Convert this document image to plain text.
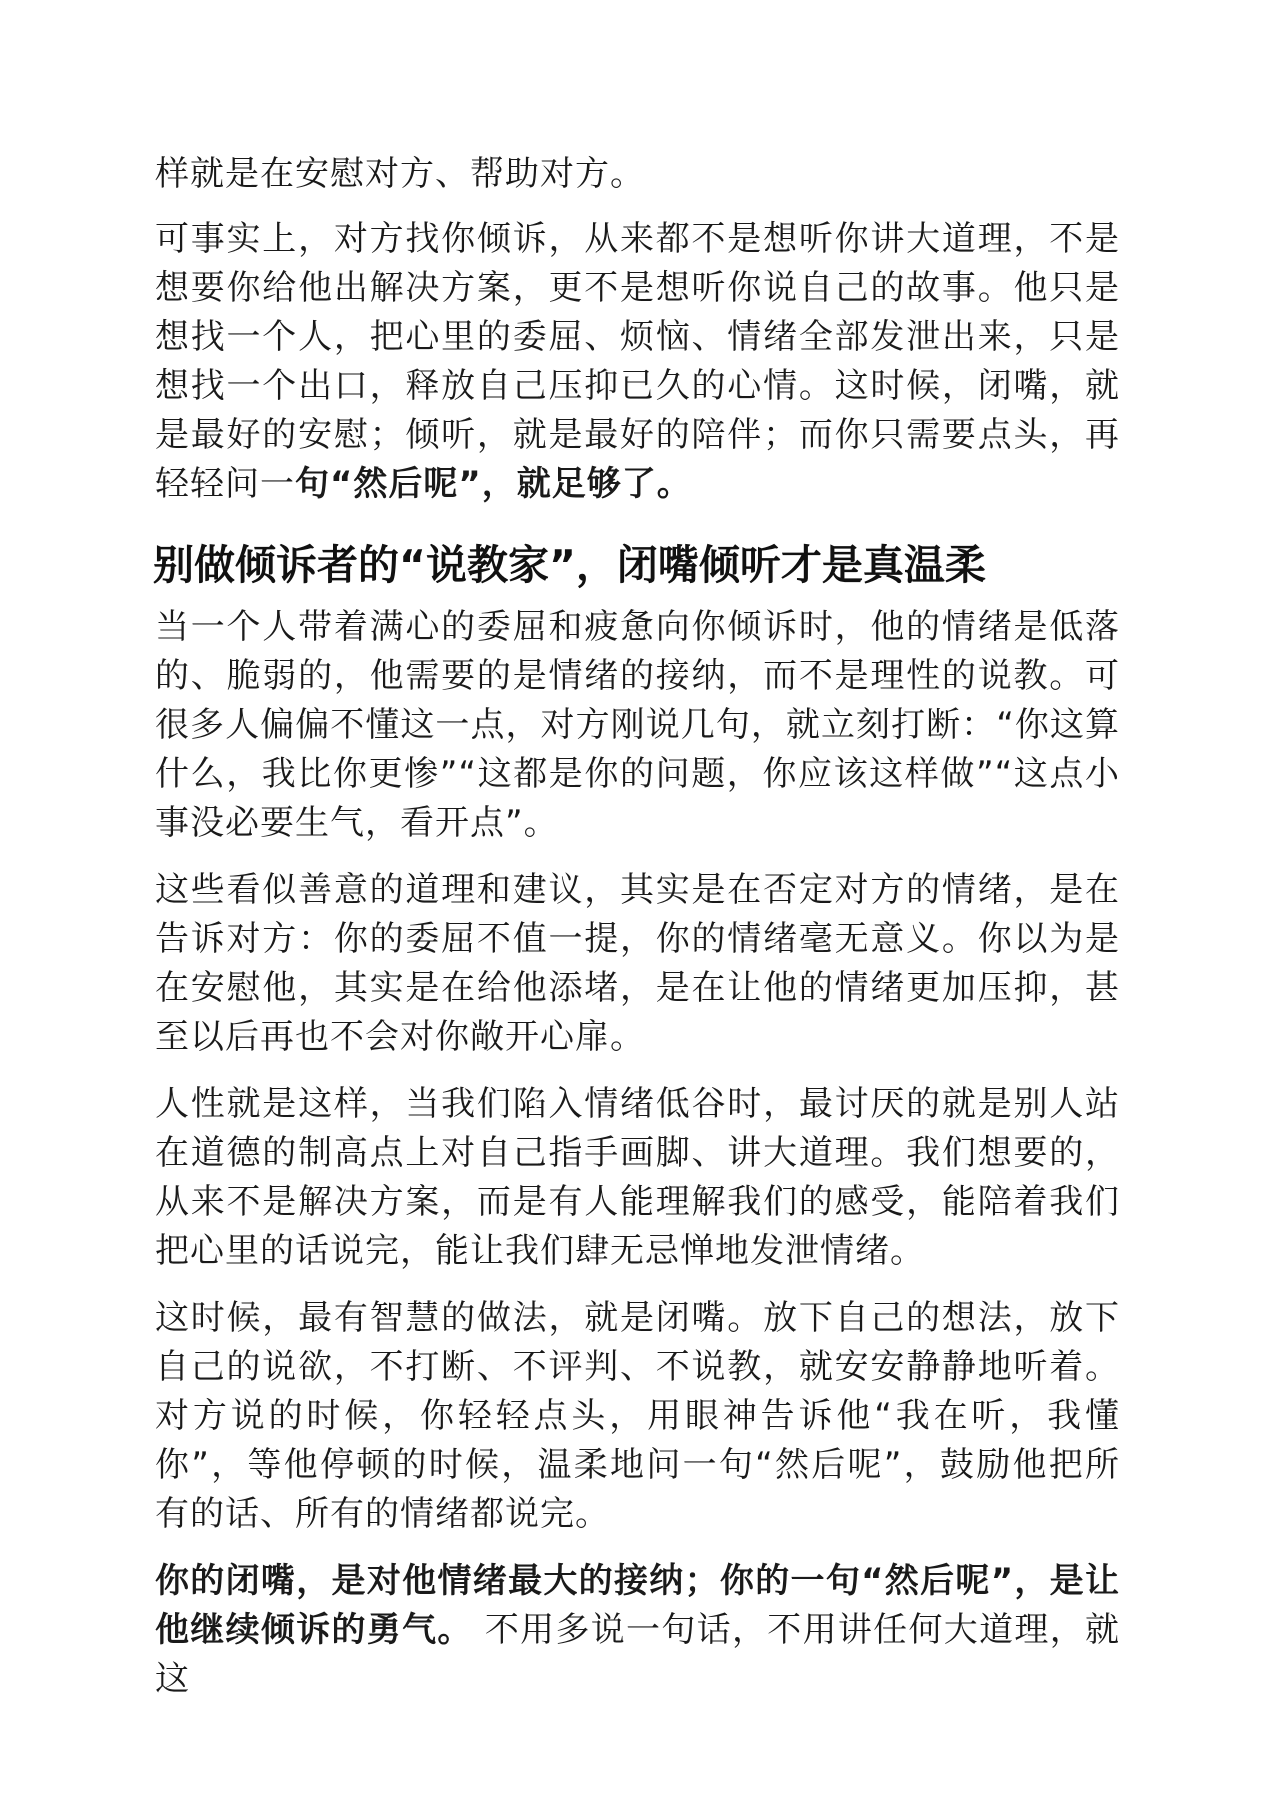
样就是在安慰对方、帮助对方。

可事实上，对方找你倾诉，从来都不是想听你讲大道理，不是想要你给他出解决方案，更不是想听你说自己的故事。他只是想找一个人，把心里的委屈、烦恼、情绪全部发泄出来，只是想找一个出口，释放自己压抑已久的心情。这时候，闭嘴，就是最好的安慰；倾听，就是最好的陪伴；而你只需要点头，再轻轻问一句“然后呢”，就足够了。

别做倾诉者的“说教家”，闭嘴倾听才是真温柔

当一个人带着满心的委屈和疲惫向你倾诉时，他的情绪是低落的、脆弱的，他需要的是情绪的接纳，而不是理性的说教。可很多人偏偏不懂这一点，对方刚说几句，就立刻打断：“你这算什么，我比你更惨”“这都是你的问题，你应该这样做”“这点小事没必要生气，看开点”。

这些看似善意的道理和建议，其实是在否定对方的情绪，是在告诉对方：你的委屈不值一提，你的情绪毫无意义。你以为是在安慰他，其实是在给他添堵，是在让他的情绪更加压抑，甚至以后再也不会对你敞开心扉。

人性就是这样，当我们陷入情绪低谷时，最讨厌的就是别人站在道德的制高点上对自己指手画脚、讲大道理。我们想要的，从来不是解决方案，而是有人能理解我们的感受，能陪着我们把心里的话说完，能让我们肆无忌惮地发泄情绪。

这时候，最有智慧的做法，就是闭嘴。放下自己的想法，放下自己的说欲，不打断、不评判、不说教，就安安静静地听着。对方说的时候，你轻轻点头，用眼神告诉他“我在听，我懂你”，等他停顿的时候，温柔地问一句“然后呢”，鼓励他把所有的话、所有的情绪都说完。

你的闭嘴，是对他情绪最大的接纳；你的一句“然后呢”，是让他继续倾诉的勇气。 不用多说一句话，不用讲任何大道理，就这
